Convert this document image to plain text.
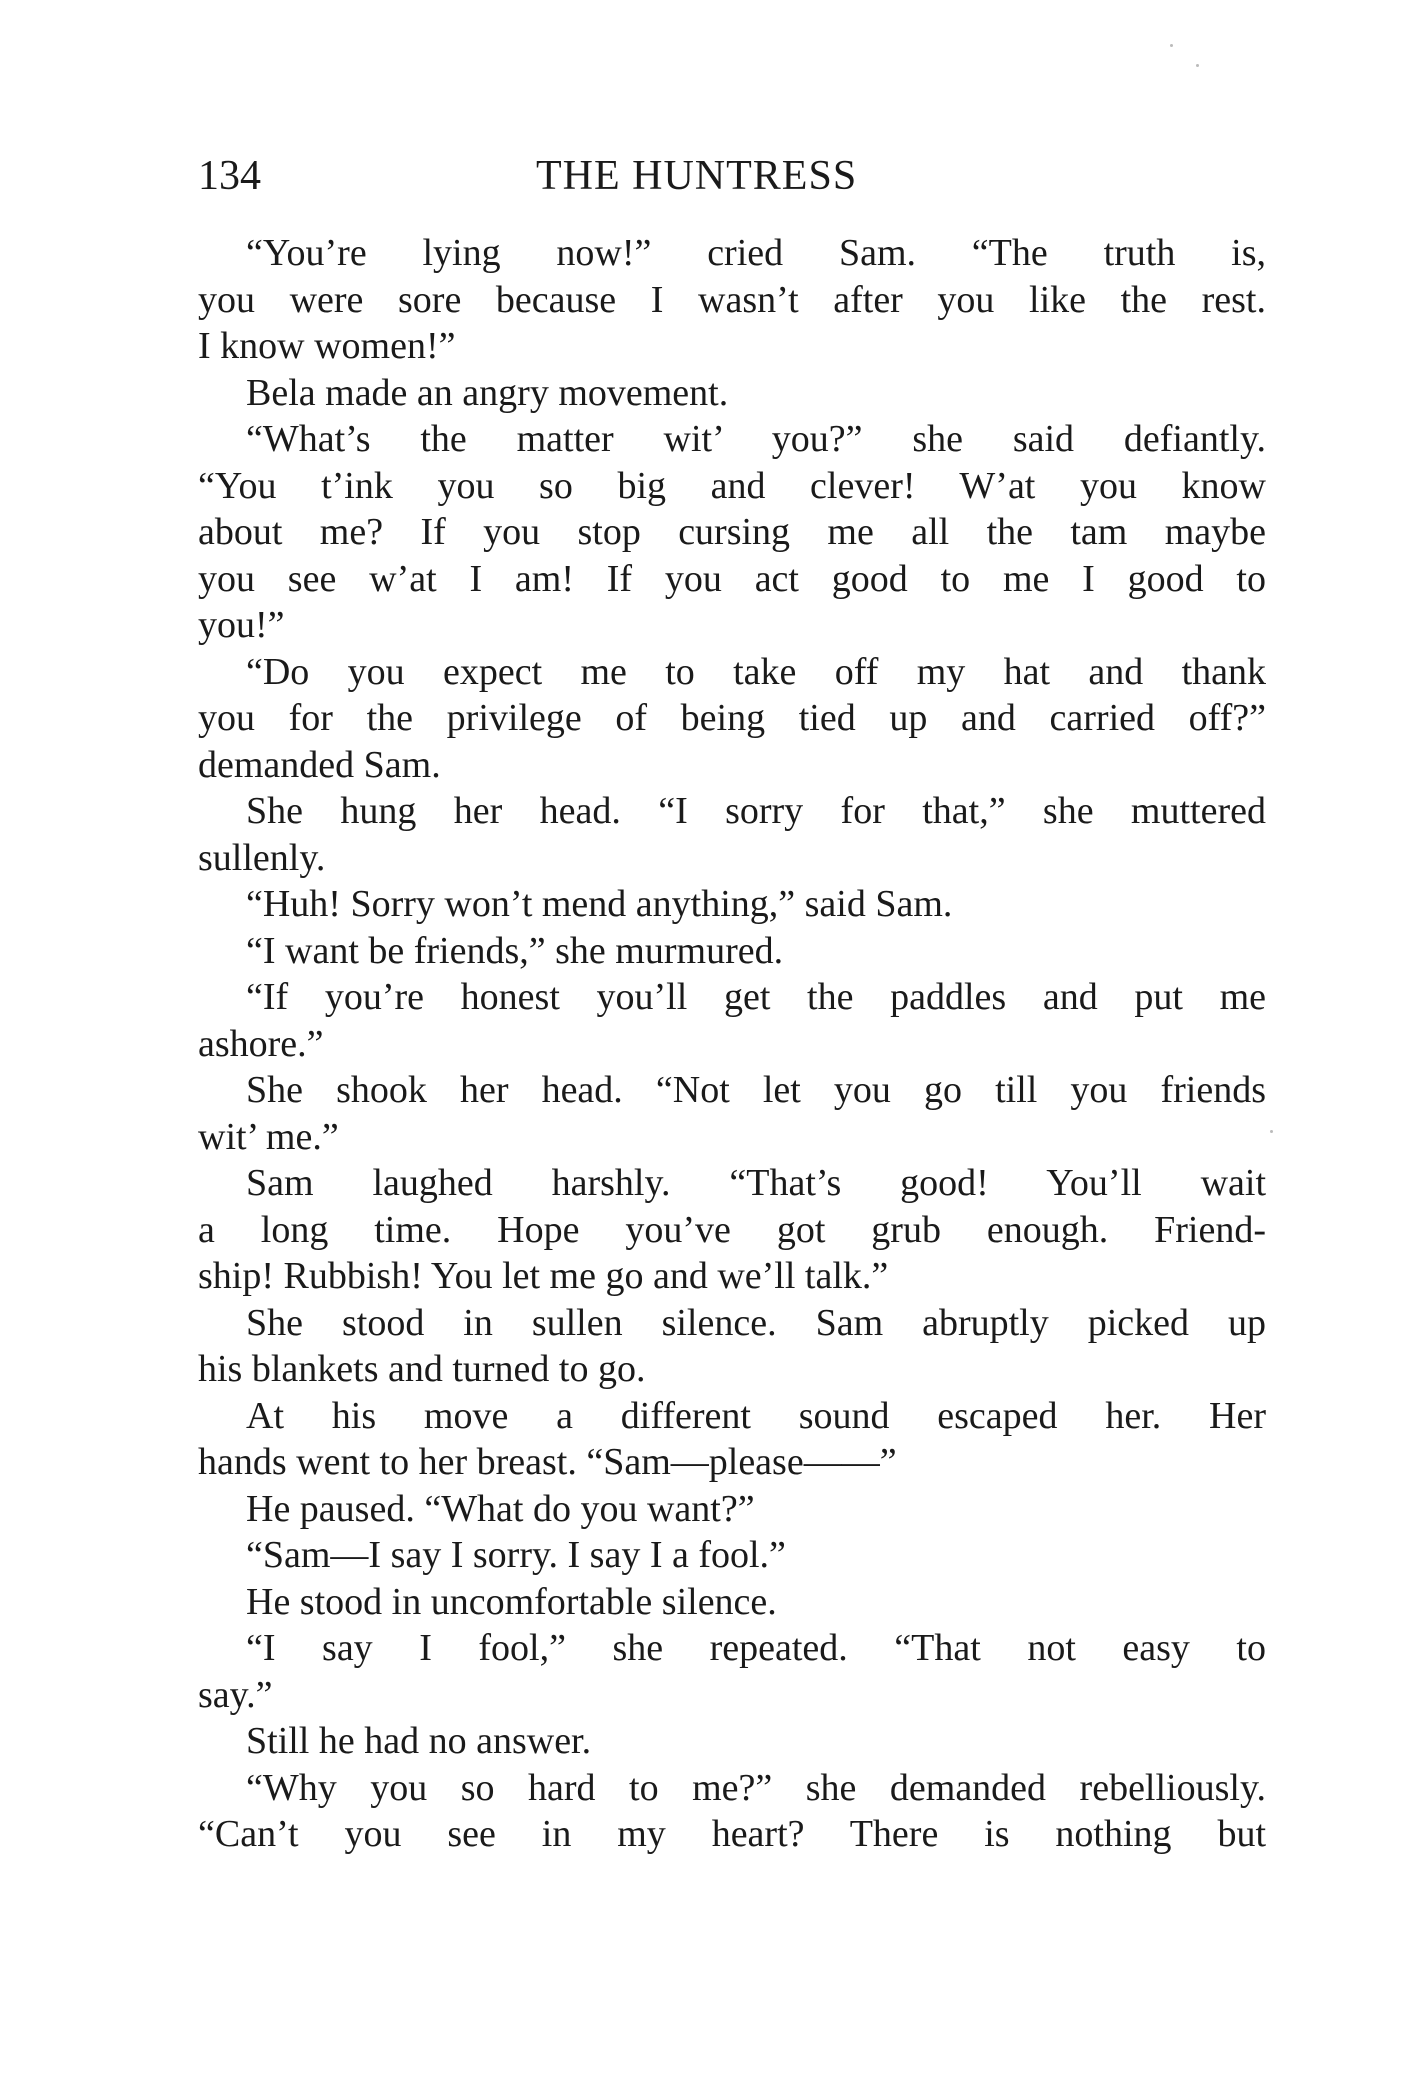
134	THE HUNTRESS
“You’re lying now!” cried Sam. “The truth is,
you were sore because I wasn’t after you like the rest.
I know women!”
Bela made an angry movement.
“What’s the matter wit’ you?” she said defiantly.
“You t’ink you so big and clever! W’at you know
about me? If you stop cursing me all the tam maybe
you see w’at I am! If you act good to me I good to
you!”
“Do you expect me to take off my hat and thank
you for the privilege of being tied up and carried off?”
demanded Sam.
She hung her head. “I sorry for that,” she muttered
sullenly.
“Huh! Sorry won’t mend anything,” said Sam.
“I want be friends,” she murmured.
“If you’re honest you’ll get the paddles and put me
ashore.”
She shook her head. “Not let you go till you friends
wit’ me.”
Sam laughed harshly. “That’s good! You’ll wait
a long time. Hope you’ve got grub enough. Friend-
ship! Rubbish! You let me go and we’ll talk.”
She stood in sullen silence. Sam abruptly picked up
his blankets and turned to go.
At his move a different sound escaped her. Her
hands went to her breast. “Sam—please——”
He paused. “What do you want?”
“Sam—I say I sorry. I say I a fool.”
He stood in uncomfortable silence.
“I say I fool,” she repeated. “That not easy to
say.”
Still he had no answer.
“Why you so hard to me?” she demanded rebelliously.
“Can’t you see in my heart? There is nothing but
